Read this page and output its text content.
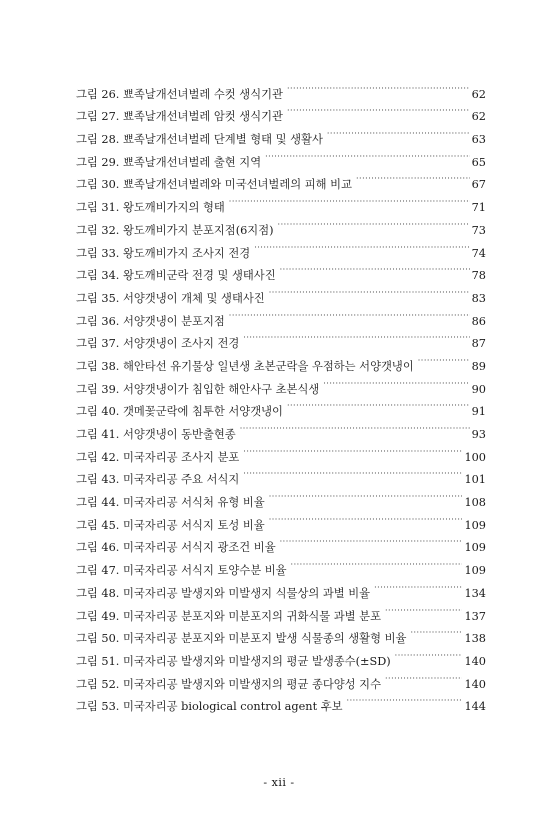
그림 26. 뾰족날개선녀벌레 수컷 생식기관 ·····	62
그림 27. 뾰족날개선녀벌레 암컷 생식기관 ·····	62
그림 28. 뾰족날개선녀벌레 단계별 형태 및 생활사 ·····	63
그림 29. 뾰족날개선녀벌레 출현 지역 ·····	65
그림 30. 뾰족날개선녀벌레와 미국선녀벌레의 피해 비교 ·····	67
그림 31. 왕도깨비가지의 형태 ·····	71
그림 32. 왕도깨비가지 분포지점(6지점) ·····	73
그림 33. 왕도깨비가지 조사지 전경 ·····	74
그림 34. 왕도깨비군락 전경 및 생태사진 ·····	78
그림 35. 서양갯냉이 개체 및 생태사진 ·····	83
그림 36. 서양갯냉이 분포지점 ·····	86
그림 37. 서양갯냉이 조사지 전경 ·····	87
그림 38. 해안타선 유기물상 일년생 초본군락을 우점하는 서양갯냉이 ·····	89
그림 39. 서양갯냉이가 침입한 해안사구 초본식생 ·····	90
그림 40. 갯메꽃군락에 침투한 서양갯냉이 ·····	91
그림 41. 서양갯냉이 동반출현종 ·····	93
그림 42. 미국자리공 조사지 분포 ·····	100
그림 43. 미국자리공 주요 서식지 ·····	101
그림 44. 미국자리공 서식처 유형 비율 ·····	108
그림 45. 미국자리공 서식지 토성 비율 ·····	109
그림 46. 미국자리공 서식지 광조건 비율 ·····	109
그림 47. 미국자리공 서식지 토양수분 비율 ·····	109
그림 48. 미국자리공 발생지와 미발생지 식물상의 과별 비율 ·····	134
그림 49. 미국자리공 분포지와 미분포지의 귀화식물 과별 분포 ·····	137
그림 50. 미국자리공 분포지와 미분포지 발생 식물종의 생활형 비율 ·····	138
그림 51. 미국자리공 발생지와 미발생지의 평균 발생종수(±SD) ·····	140
그림 52. 미국자리공 발생지와 미발생지의 평균 종다양성 지수 ·····	140
그림 53. 미국자리공 biological control agent 후보 ·····	144
- xii -
